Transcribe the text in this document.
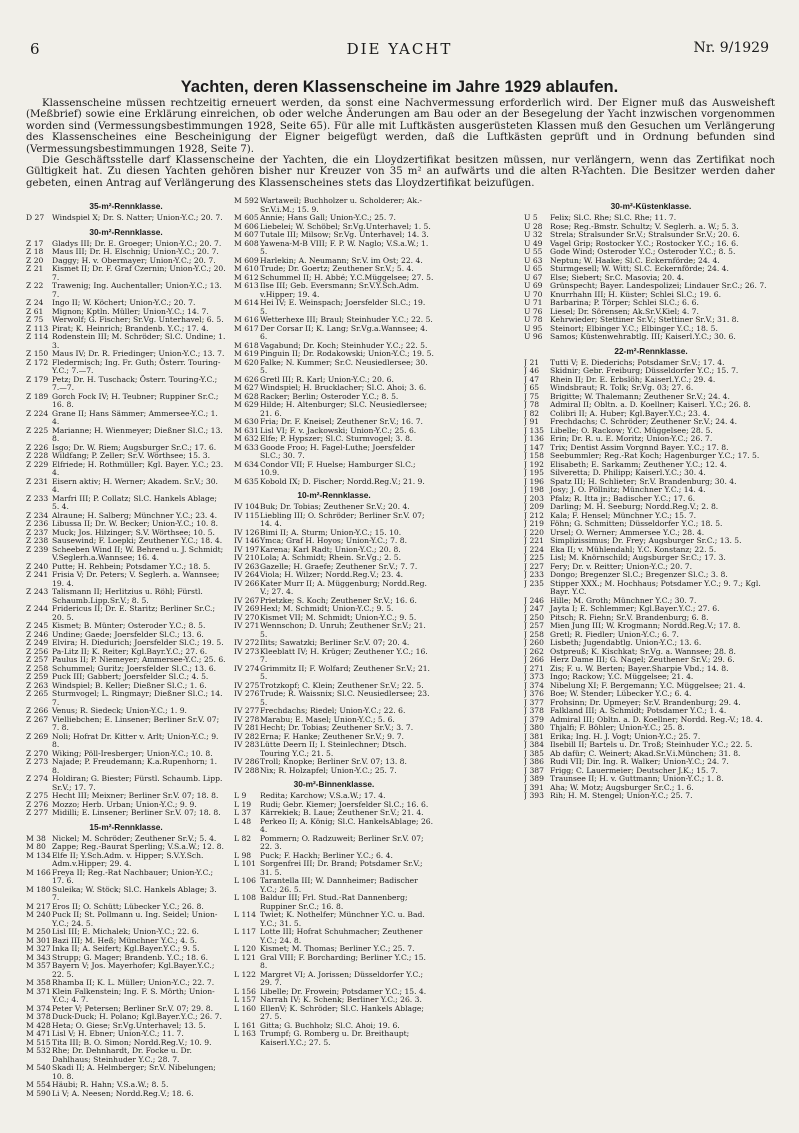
6	DIE YACHT	Nr. 9/1929
Yachten, deren Klassenscheine im Jahre 1929 ablaufen.

Klassenscheine müssen rechtzeitig erneuert werden, da sonst eine Nachvermessung erforderlich wird. Der Eigner muß das Ausweisheft (Meßbrief) sowie eine Erklärung einreichen, ob oder welche Änderungen am Bau oder an der Besegelung der Yacht inzwischen vorgenommen worden sind (Vermessungsbestimmungen 1928, Seite 65). Für alle mit Luftkästen ausgerüsteten Klassen muß den Gesuchen um Verlängerung des Klassenscheines eine Bescheinigung der Eigner beigefügt werden, daß die Luftkästen geprüft und in Ordnung befunden sind (Vermessungsbestimmungen 1928, Seite 7).

Die Geschäftsstelle darf Klassenscheine der Yachten, die ein Lloydzertifikat besitzen müssen, nur verlängern, wenn das Zertifikat noch Gültigkeit hat. Zu diesen Yachten gehören bisher nur Kreuzer von 35 m² an aufwärts und die alten R-Yachten. Die Besitzer werden daher gebeten, einen Antrag auf Verlängerung des Klassenscheines stets das Lloydzertifikat beizufügen.

35-m²-Rennklasse.

D 27 Windspiel X; Dr. S. Natter; Union-Y.C.; 20. 7.

30-m²-Rennklasse.

Z 17 Gladys III; Dr. E. Groeger; Union-Y.C.; 20. 7.

Z 18 Maus III; Dr. H. Elschnig; Union-Y.C.; 20. 7.

Z 20 Daggy; H. v. Obermayer; Union-Y.C.; 20. 7.

Z 21 Kismet II; Dr. F. Graf Czernin; Union-Y.C.; 20. 7.

Z 22 Trawenig; Ing. Auchentaller; Union-Y.C.; 13. 7.

Z 24 Ingo II; W. Köchert; Union-Y.C.; 20. 7.

Z 61 Mignon; Kptln. Müller; Union-Y.C.; 14. 7.

Z 75 Werwolf; G. Fischer; Sr.Vg. Unterhavel; 6. 5.

Z 113 Pirat; K. Heinrich; Brandenb. Y.C.; 17. 4.

Z 114 Rodenstein III; M. Schröder; Sl.C. Undine; 1. 3.

Z 150 Maus IV; Dr. R. Friedinger; Union-Y.C.; 13. 7.

Z 172 Fledermisch; Ing. Fr. Guth; Österr. Touring-Y.C.; 7.—7.

Z 179 Petz; Dr. H. Tuschack; Österr. Touring-Y.C.; 7.—7.

Z 189 Gorch Fock IV; H. Teubner; Ruppiner Sr.C.; 16. 8.

Z 224 Grane II; Hans Sämmer; Ammersee-Y.C.; 1. 4.

Z 225 Marianne; H. Wienmeyer; Dießner Sl.C.; 13. 8.

Z 226 Isgo; Dr. W. Riem; Augsburger Sr.C.; 17. 6.

Z 228 Wildfang; P. Zeller; Sr.V. Wörthsee; 15. 3.

Z 229 Elfriede; H. Rothmüller; Kgl. Bayer. Y.C.; 23. 4.

Z 231 Eisern aktiv; H. Werner; Akadem. Sr.V.; 30. 4.

Z 233 Marfri III; P. Collatz; Sl.C. Hankels Ablage; 5. 4.

Z 234 Alraune; H. Salberg; Münchner Y.C.; 23. 4.

Z 236 Libussa II; Dr. W. Becker; Union-Y.C.; 10. 8.

Z 237 Muck; Jos. Hilzinger; S.V. Wörthsee; 10. 5.

Z 238 Sausewind; F. Loepki; Zeuthener Y.C.; 18. 4.

Z 239 Scheeben Wind II; W. Behrend u. J. Schmidt; V.Seglerh.a.Wannsee; 16. 4.

Z 240 Putte; H. Rehbein; Potsdamer Y.C.; 18. 5.

Z 241 Frisia V; Dr. Peters; V. Seglerh. a. Wannsee; 19. 4.

Z 243 Talismann II; Herlitzius u. Röhl; Fürstl. Schaumb.Lipp.Sr.V.; 8. 5.

Z 244 Fridericus II; Dr. E. Staritz; Berliner Sr.C.; 20. 5.

Z 245 Kismet; B. Münter; Osteroder Y.C.; 8. 5.

Z 246 Undine; Gaede; Joersfelder Sl.C.; 13. 6.

Z 249 Elvira; H. Diedurich; Joersfelder Sl.C.; 19. 5.

Z 256 Pa-Litz II; K. Reiter; Kgl.Bayr.Y.C.; 27. 6.

Z 257 Paulus II; P. Niemeyer; Ammersee-Y.C.; 25. 6.

Z 258 Schummel; Guritz; Joersfelder Sl.C.; 13. 6.

Z 259 Puck III; Gabbert; Joersfelder Sl.C.; 4. 5.

Z 263 Windspiel; B. Keller; Dießner Sl.C.; 1. 6.

Z 265 Sturmvogel; L. Ringmayr; Dießner Sl.C.; 14. 7.

Z 266 Venus; R. Siedeck; Union-Y.C.; 1. 9.

Z 267 Vielliebchen; E. Linsener; Berliner Sr.V. 07; 7. 8.

Z 269 Noli; Hofrat Dr. Kitter v. Arlt; Union-Y.C.; 9. 8.

Z 270 Wiking; Pöll-Iresberger; Union-Y.C.; 10. 8.

Z 273 Najade; P. Freudemann; K.a.Rupenhorn; 1. 8.

Z 274 Holdiran; G. Biester; Fürstl. Schaumb. Lipp. Sr.V.; 17. 7.

Z 275 Hecht III; Meixner; Berliner Sr.V. 07; 18. 8.

Z 276 Mozzo; Herb. Urban; Union-Y.C.; 9. 9.

Z 277 Midilli; E. Linsener; Berliner Sr.V. 07; 18. 8.

15-m²-Rennklasse.

M 38 Nickel; M. Schröder; Zeuthener Sr.V.; 5. 4.

M 80 Zappe; Reg.-Baurat Sperling; V.S.a.W.; 12. 8.

M 134Elfe II; Y.Sch.Adm. v. Hipper; S.V.Y.Sch. Adm.v.Hipper; 29. 4.

M 166Freya II; Reg.-Rat Nachbauer; Union-Y.C.; 17. 6.

M 180Suleika; W. Stöck; Sl.C. Hankels Ablage; 3. 7.

M 217Eros II; O. Schütt; Lübecker Y.C.; 26. 8.

M 240Puck II; St. Pollmann u. Ing. Seidel; Union-Y.C.; 24. 5.

M 250Lisl III; E. Michalek; Union-Y.C.; 22. 6.

M 301Bazi III; M. Heß; Münchner Y.C.; 4. 5.

M 327Inka II; A. Seifert; Kgl.Bayer.Y.C.; 9. 5.

M 343Strupp; G. Mager; Brandenb. Y.C.; 18. 6.

M 357Bayern V; Jos. Mayerhofer; Kgl.Bayer.Y.C.; 22. 5.

M 358Rhamba II; K. L. Müller; Union-Y.C.; 22. 7.

M 371Klein Falkenstein; Ing. F. S. Mörth; Union-Y.C.; 4. 7.

M 374Peter V; Petersen; Berliner Sr.V. 07; 29. 8.

M 378Duck-Duck; H. Polano; Kgl.Bayer.Y.C.; 26. 7.

M 428Heta; O. Giese; Sr.Vg.Unterhavel; 13. 5.

M 471Lisl V; H. Ebner; Union-Y.C.; 11. 7.

M 515Tita III; B. O. Simon; Nordd.Reg.V.; 10. 9.

M 532Rhe; Dr. Dehnhardt, Dr. Focke u. Dr. Dahlhaus; Steinhuder Y.C.; 28. 7.

M 540Skadi II; A. Helmberger; Sr.V. Nibelungen; 10. 8.

M 554Häubi; R. Hahn; V.S.a.W.; 8. 5.

M 590Li V; A. Neesen; Nordd.Reg.V.; 18. 6.

M 592Wartaweil; Buchholzer u. Scholderer; Ak.-Sr.V.i.M.; 15. 9.

M 605Annie; Hans Gall; Union-Y.C.; 25. 7.

M 606Liebelei; W. Schöbel; Sr.Vg.Unterhavel; 1. 5.

M 607Tutale III; Milsow; Sr.Vg. Unterhavel; 14. 3.

M 608Yawena-M-B VIII; F. P. W. Naglo; V.S.a.W.; 1. 5.

M 609Harlekin; A. Neumann; Sr.V. im Ost; 22. 4.

M 610Trude; Dr. Goertz; Zeuthener Sr.V.; 5. 4.

M 612Schummel II; H. Abbé; Y.C.Müggelsee; 27. 5.

M 613Ilse III; Geb. Eversmann; Sr.V.Y.Sch.Adm. v.Hipper; 19. 4.

M 614Hei IV; E. Weinspach; Joersfelder Sl.C.; 19. 5.

M 616Wetterhexe III; Braul; Steinhuder Y.C.; 22. 5.

M 617Der Corsar II; K. Lang; Sr.Vg.a.Wannsee; 4. 6.

M 618Vagabund; Dr. Koch; Steinhuder Y.C.; 22. 5.

M 619Pinguin II; Dr. Rodakowski; Union-Y.C.; 19. 5.

M 620Falke; N. Kummer; Sr.C. Neusiedlersee; 30. 5.

M 626Gretl III; R. Karl; Union-Y.C.; 20. 6.

M 627Windspiel; H. Brucklacher; Sl.C. Ahoi; 3. 6.

M 628Racker; Berlin; Osteroder Y.C.; 8. 5.

M 629Hilde; H. Altenburger; Sl.C. Neusiedlersee; 21. 6.

M 630Fria; Dr. F. Kneisel; Zeuthener Sr.V.; 16. 7.

M 631Lisl VI; F. v. Jackowski; Union-Y.C.; 25. 6.

M 632Elfe; P. Hypszer; Sl.C. Sturmvogel; 3. 8.

M 633Goode Froo; H. Fagel-Luthe; Joersfelder Sl.C.; 30. 7.

M 634Condor VII; F. Huelse; Hamburger Sl.C.; 10.9.

M 635Kobold IX; D. Fischer; Nordd.Reg.V.; 21. 9.

10-m²-Rennklasse.

IV 104Buk; Dr. Tobias; Zeuthener Sr.V.; 20. 4.

IV 115Liebling III; O. Schröder; Berliner Sr.V. 07; 14. 4.

IV 126Bimi II; A. Sturm; Union-Y.C.; 15. 10.

IV 146Ymca; Graf H. Hoyos; Union-Y.C.; 7. 8.

IV 197Karena; Karl Radt; Union-Y.C.; 20. 8.

IV 210Lola; A. Schmidt; Rhein. Sr.Vg.; 2. 5.

IV 263Gazelle; H. Graefe; Zeuthener Sr.V.; 7. 7.

IV 264Viola; H. Wilzer; Nordd.Reg.V.; 23. 4.

IV 266Kater Murr II; A. Müggenburg; Nordd.Reg. V.; 27. 4.

IV 267Prietzke; S. Koch; Zeuthener Sr.V.; 16. 6.

IV 269Hexl; M. Schmidt; Union-Y.C.; 9. 5.

IV 270Kismet VII; M. Schmidt; Union-Y.C.; 9. 5.

IV 271Wennschon; D. Unruh; Zeuthener Sr.V.; 21. 5.

IV 272Ilits; Sawatzki; Berliner Sr.V. 07; 20. 4.

IV 273Kleeblatt IV; H. Krüger; Zeuthener Y.C.; 16. 7.

IV 274Grimmitz II; F. Wolfard; Zeuthener Sr.V.; 21. 5.

IV 275Trotzkopf; C. Klein; Zeuthener Sr.V.; 22. 5.

IV 276Trude; R. Waissnix; Sl.C. Neusiedlersee; 23. 5.

IV 277Frechdachs; Riedel; Union-Y.C.; 22. 6.

IV 278Marabu; E. Masel; Union-Y.C.; 5. 6.

IV 281Hecht; Dr. Tobias; Zeuthener Sr.V.; 3. 7.

IV 282Erna; F. Hanke; Zeuthener Sr.V.; 9. 7.

IV 283Lütte Deern II; I. Steinlechner; Dtsch. Touring Y.C.; 21. 5.

IV 286Troll; Knopke; Berliner Sr.V. 07; 13. 8.

IV 288Nix; R. Holzapfel; Union-Y.C.; 25. 7.

30-m²-Binnenklasse.

L 9 Redita; Karchow; V.S.a.W.; 17. 4.

L 19 Rudi; Gebr. Kiemer; Joersfelder Sl.C.; 16. 6.

L 37 Kärrekiek; B. Laue; Zeuthener Sr.V.; 21. 4.

L 48 Perkeo II; A. König; Sl.C. HankelsAblage; 26. 4.

L 82 Pommern; O. Radzuweit; Berliner Sr.V. 07; 22. 3.

L 98 Puck; F. Hackh; Berliner Y.C.; 6. 4.

L 101 Sorgenfrei III; Dr. Brand; Potsdamer Sr.V.; 31. 5.

L 106 Tarantella III; W. Dannheimer; Badischer Y.C.; 26. 5.

L 108 Baldur III; Frl. Stud.-Rat Dannenberg; Ruppiner Sr.C.; 16. 8.

L 114 Twiet; K. Nothelfer; Münchner Y.C. u. Bad. Y.C.; 31. 5.

L 117 Lotte III; Hofrat Schuhmacher; Zeuthener Y.C.; 24. 8.

L 120 Kismet; M. Thomas; Berliner Y.C.; 25. 7.

L 121 Gral VIII; F. Borcharding; Berliner Y.C.; 15. 8.

L 122 Margret VI; A. Jorissen; Düsseldorfer Y.C.; 29. 7.

L 156 Libelle; Dr. Frowein; Potsdamer Y.C.; 15. 4.

L 157 Narrah IV; K. Schenk; Berliner Y.C.; 26. 3.

L 160 EllenV; K. Schröder; Sl.C. Hankels Ablage; 27. 5.

L 161 Gitta; G. Buchholz; Sl.C. Ahoi; 19. 6.

L 163 Trumpf; G. Romberg u. Dr. Breithaupt; Kaiserl.Y.C.; 27. 5.

30-m²-Küstenklasse.

U 5 Felix; Sl.C. Rhe; Sl.C. Rhe; 11. 7.

U 28 Rose; Reg.-Bmstr. Schultz; V. Seglerh. a. W.; 5. 3.

U 32 Strela; Stralsunder Sr.V.; Stralsunder Sr.V.; 20. 6.

U 49 Vagel Grip; Rostocker Y.C.; Rostocker Y.C.; 16. 6.

U 55 Gode Wind; Osteroder Y.C.; Osteroder Y.C.; 8. 5.

U 63 Neptun; W. Haake; Sl.C. Eckernförde; 24. 4.

U 65 Sturmgesell; W. Witt; Sl.C. Eckernförde; 24. 4.

U 67 Else; Siebert; Sr.C. Masovia; 20. 4.

U 69 Grünspecht; Bayer. Landespolizei; Lindauer Sr.C.; 26. 7.

U 70 Knurrhahn III; H. Küster; Schlei Sl.C.; 19. 6.

U 71 Barbarina; P. Törper; Schlei Sl.C.; 6. 6.

U 76 Liesel; Dr. Sörensen; Ak.Sr.V.Kiel; 4. 7.

U 78 Kehrwieder; Stettiner Sr.V.; Stettiner Sr.V.; 31. 8.

U 95 Steinort; Elbinger Y.C.; Elbinger Y.C.; 18. 5.

U 96 Samos; Küstenwehrabtlg. III; Kaiserl.Y.C.; 30. 6.

22-m²-Rennklasse.

J 21 Tutti V; E. Diederichs; Potsdamer Sr.V.; 17. 4.

J 46 Skidnir; Gebr. Freiburg; Düsseldorfer Y.C.; 15. 7.

J 47 Rhein II; Dr. E. Erbslöh; Kaiserl.Y.C.; 29. 4.

J 65 Windsbraut; R. Tolk; Sr.Vg. 03; 27. 6.

J 75 Brigitte; W. Thalemann; Zeuthener Sr.V.; 24. 4.

J 78 Admiral II; Obltn. a. D. Koellner; Kaiserl. Y.C.; 26. 8.

J 82 Colibri II; A. Huber; Kgl.Bayer.Y.C.; 23. 4.

J 91 Frechdachs; C. Schröder; Zeuthener Sr.V.; 24. 4.

J 135 Libelle; O. Rackow; Y.C. Müggelsee; 28. 5.

J 136 Erin; Dr. R. u. E. Moritz; Union-Y.C.; 26. 7.

J 147 Trix; Dentist Assim Vorgnnd Bayer. Y.C.; 17. 8.

J 158 Seebummler; Reg.-Rat Koch; Hagenburger Y.C.; 17. 5.

J 192 Elisabeth; E. Sarkamm; Zeuthener Y.C.; 12. 4.

J 195 Silveretta; D. Philipp; Kaiserl.Y.C.; 30. 4.

J 196 Spatz III; H. Schlieter; Sr.V. Brandenburg; 30. 4.

J 198 Josy; J. O. Pöllnitz; Münchner Y.C.; 14. 4.

J 203 Pfalz; R. Itta jr.; Badischer Y.C.; 17. 6.

J 209 Darling; M. H. Seeburg; Nordd.Reg.V.; 2. 8.

J 212 Kala; F. Hensel; Münchner Y.C.; 15. 7.

J 219 Föhn; G. Schmitten; Düsseldorfer Y.C.; 18. 5.

J 220 Ursel; O. Werner; Ammersee Y.C.; 28. 4.

J 221 Simplizissimus; Dr. Frey; Augsburger Sr.C.; 13. 5.

J 224 Eka II; v. Mühlendahl; Y.C. Konstanz; 22. 5.

J 225 Lisl; M. Knörnschild; Augsburger Sr.C.; 17. 3.

J 227 Fery; Dr. v. Reitter; Union-Y.C.; 20. 7.

J 233 Dongo; Bregenzer Sl.C.; Bregenzer Sl.C.; 3. 8.

J 235 Stipper XXX.; M. Hochhaus; Potsdamer Y.C.; 9. 7.; Kgl. Bayr. Y.C.

J 246 Hille; M. Groth; Münchner Y.C.; 30. 7.

J 247 Jayta I; E. Schlemmer; Kgl.Bayer.Y.C.; 27. 6.

J 250 Pitsch; R. Fiehn; Sr.V. Brandenburg; 6. 8.

J 257 Mien Jung III; W. Krogmann; Nordd.Reg.V.; 17. 8.

J 258 Gretl; R. Fiedler; Union-Y.C.; 6. 7.

J 260 Lisbeth; Jugendabtlg. Union-Y.C.; 13. 6.

J 262 Ostpreuß; K. Kischkat; Sr.Vg. a. Wannsee; 28. 8.

J 266 Herz Dame III; G. Nagel; Zeuthener Sr.V.; 29. 6.

J 271 Zis; F. u. W. Berten; Bayer.Sharpie Vbd.; 14. 8.

J 373 Ingo; Rackow; Y.C. Müggelsee; 21. 4.

J 374 Nibelung XI; F. Bergemann; Y.C. Müggelsee; 21. 4.

J 376 Boe; W. Stender; Lübecker Y.C.; 6. 4.

J 377 Frohsinn; Dr. Upmeyer; Sr.V. Brandenburg; 29. 4.

J 378 Falkland III; A. Schmidt; Potsdamer Y.C.; 1. 4.

J 379 Admiral III; Obltn. a. D. Koellner; Nordd. Reg.-V.; 18. 4.

J 380 Thjalfi; F. Böhler; Union-Y.C.; 25. 8.

J 381 Erika; Ing. H. J. Vogt; Union-Y.C.; 25. 7.

J 384 Ilsebill II; Bartels u. Dr. Troß; Steinhuder Y.C.; 22. 5.

J 385 Ab dafür; C. Weinert; Akad.Sr.V.i.München; 31. 8.

J 386 Rudi VII; Dir. Ing. R. Walker; Union-Y.C.; 24. 7.

J 387 Frigg; C. Lauermeier; Deutscher J.K.; 15. 7.

J 389 Traunsee II; H. v. Guttmann; Union-Y.C.; 1. 8.

J 391 Aha; W. Motz; Augsburger Sr.C.; 1. 6.

J 393 Rih; H. M. Stengel; Union-Y.C.; 25. 7.
